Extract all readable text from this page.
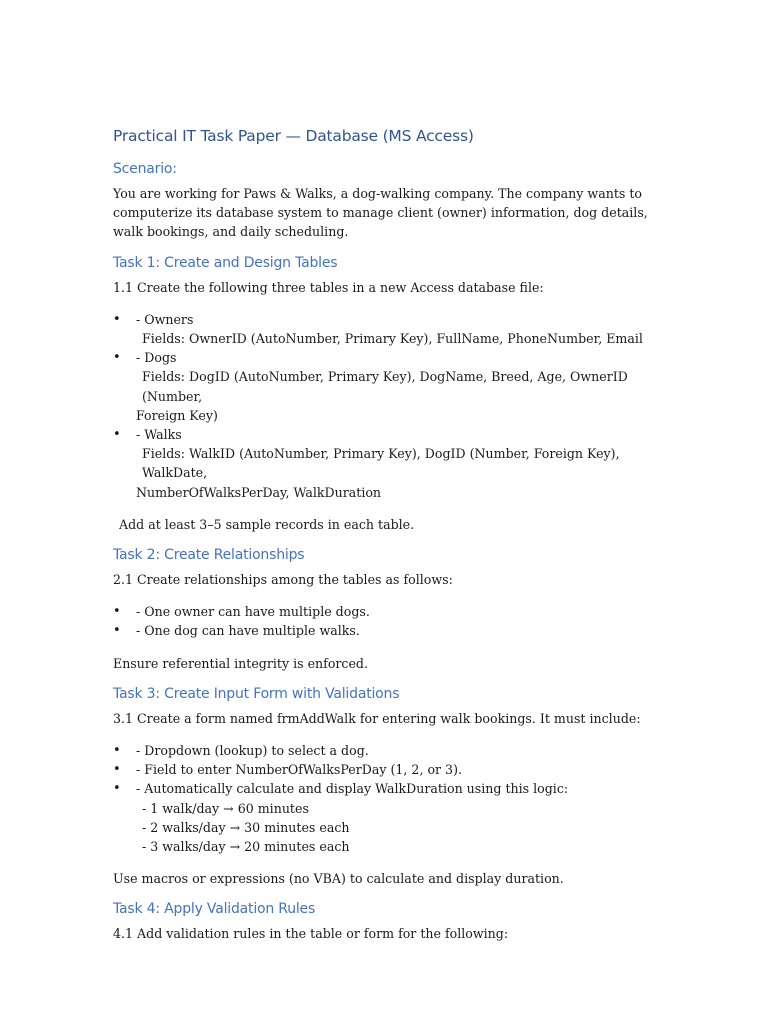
Practical IT Task Paper — Database (MS Access)
Scenario:

You are working for Paws & Walks, a dog-walking company. The company wants to computerize its database system to manage client (owner) information, dog details, walk bookings, and daily scheduling.

Task 1: Create and Design Tables

1.1 Create the following three tables in a new Access database file:

• - Owners
Fields: OwnerID (AutoNumber, Primary Key), FullName, PhoneNumber, Email
• - Dogs
Fields: DogID (AutoNumber, Primary Key), DogName, Breed, Age, OwnerID (Number,
Foreign Key)
• - Walks
Fields: WalkID (AutoNumber, Primary Key), DogID (Number, Foreign Key), WalkDate,
NumberOfWalksPerDay, WalkDuration

Add at least 3–5 sample records in each table.

Task 2: Create Relationships

2.1 Create relationships among the tables as follows:

• - One owner can have multiple dogs.
• - One dog can have multiple walks.

Ensure referential integrity is enforced.

Task 3: Create Input Form with Validations

3.1 Create a form named frmAddWalk for entering walk bookings. It must include:

• - Dropdown (lookup) to select a dog.
• - Field to enter NumberOfWalksPerDay (1, 2, or 3).
• - Automatically calculate and display WalkDuration using this logic:
- 1 walk/day → 60 minutes
- 2 walks/day → 30 minutes each
- 3 walks/day → 20 minutes each

Use macros or expressions (no VBA) to calculate and display duration.

Task 4: Apply Validation Rules

4.1 Add validation rules in the table or form for the following:
